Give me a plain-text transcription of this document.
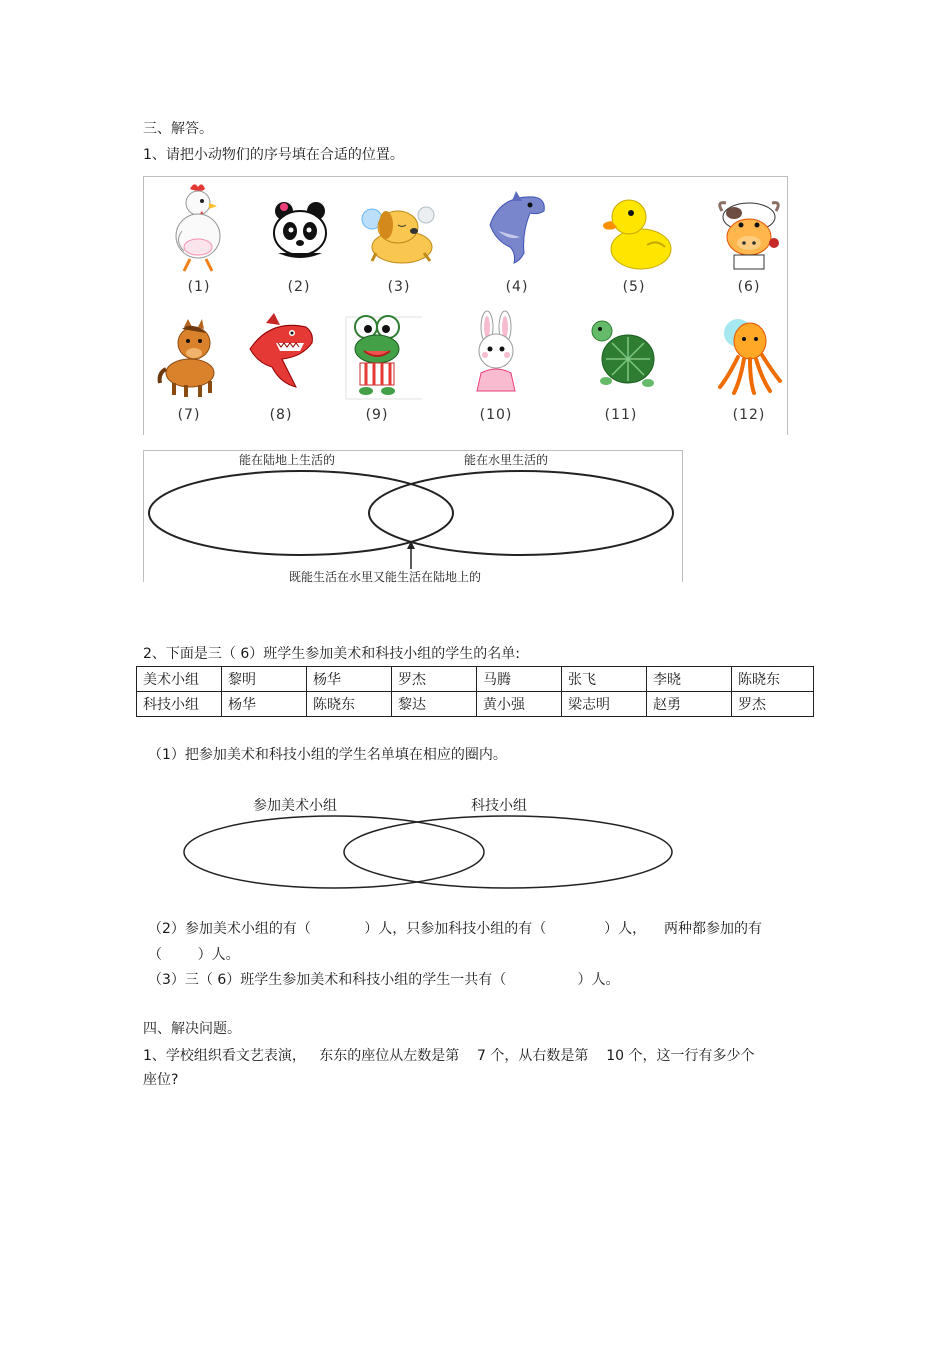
三、解答。
1、请把小动物们的序号填在合适的位置。
(1)	(2)	(3)	(4)	(5)	(6)
(7)	(8)	(9)	(10)	(11)	(12)
能在陆地上生活的	能在水里生活的
既能生活在水里又能生活在陆地上的
2、下面是三（ 6）班学生参加美术和科技小组的学生的名单:
美术小组	黎明	杨华	罗杰	马腾	张飞	李晓	陈晓东
科技小组	杨华	陈晓东	黎达	黄小强	梁志明	赵勇	罗杰
（1）把参加美术和科技小组的学生名单填在相应的圈内。
参加美术小组	科技小组
（2）参加美术小组的有（            ）人，只参加科技小组的有（             ）人，    两种都参加的有
（        ）人。
（3）三（ 6）班学生参加美术和科技小组的学生一共有（                ）人。
四、解决问题。
1、学校组织看文艺表演，   东东的座位从左数是第    7 个，从右数是第    10 个，这一行有多少个
座位?
